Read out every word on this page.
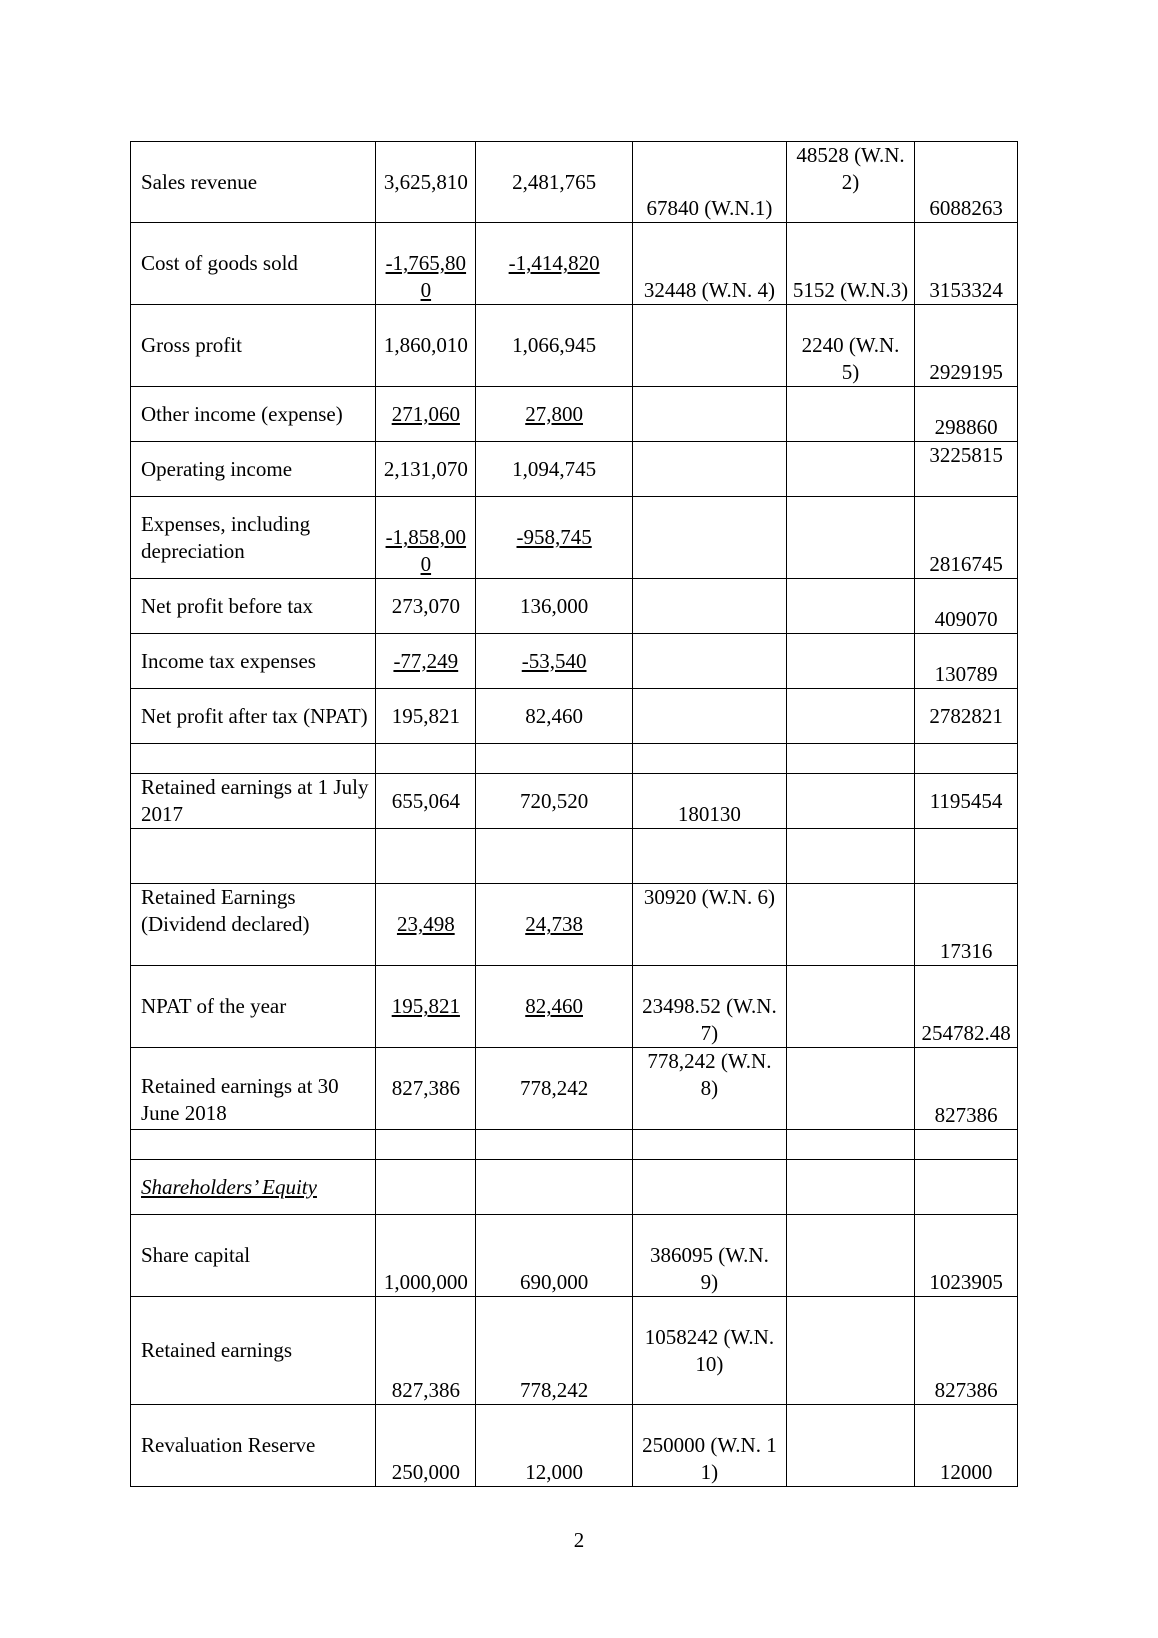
Sales revenue	3,625,810	2,481,765	67840 (W.N.1)	48528 (W.N.2)	6088263
Cost of goods sold	-1,765,800	-1,414,820	32448 (W.N. 4)	5152 (W.N.3)	3153324
Gross profit	1,860,010	1,066,945		2240 (W.N. 5)	2929195
Other income (expense)	271,060	27,800			298860
Operating income	2,131,070	1,094,745			3225815
Expenses, including depreciation	-1,858,000	-958,745			2816745
Net profit before tax	273,070	136,000			409070
Income tax expenses	-77,249	-53,540			130789
Net profit after tax (NPAT)	195,821	82,460			2782821

Retained earnings at 1 July 2017	655,064	720,520	180130		1195454

Retained Earnings (Dividend declared)	23,498	24,738	30920 (W.N. 6)		17316
NPAT of the year	195,821	82,460	23498.52 (W.N. 7)		254782.48
Retained earnings at 30 June 2018	827,386	778,242	778,242 (W.N. 8)		827386

Shareholders’ Equity					
Share capital	1,000,000	690,000	386095 (W.N. 9)		1023905
Retained earnings	827,386	778,242	1058242 (W.N. 10)		827386
Revaluation Reserve	250,000	12,000	250000 (W.N. 11)		12000
2
